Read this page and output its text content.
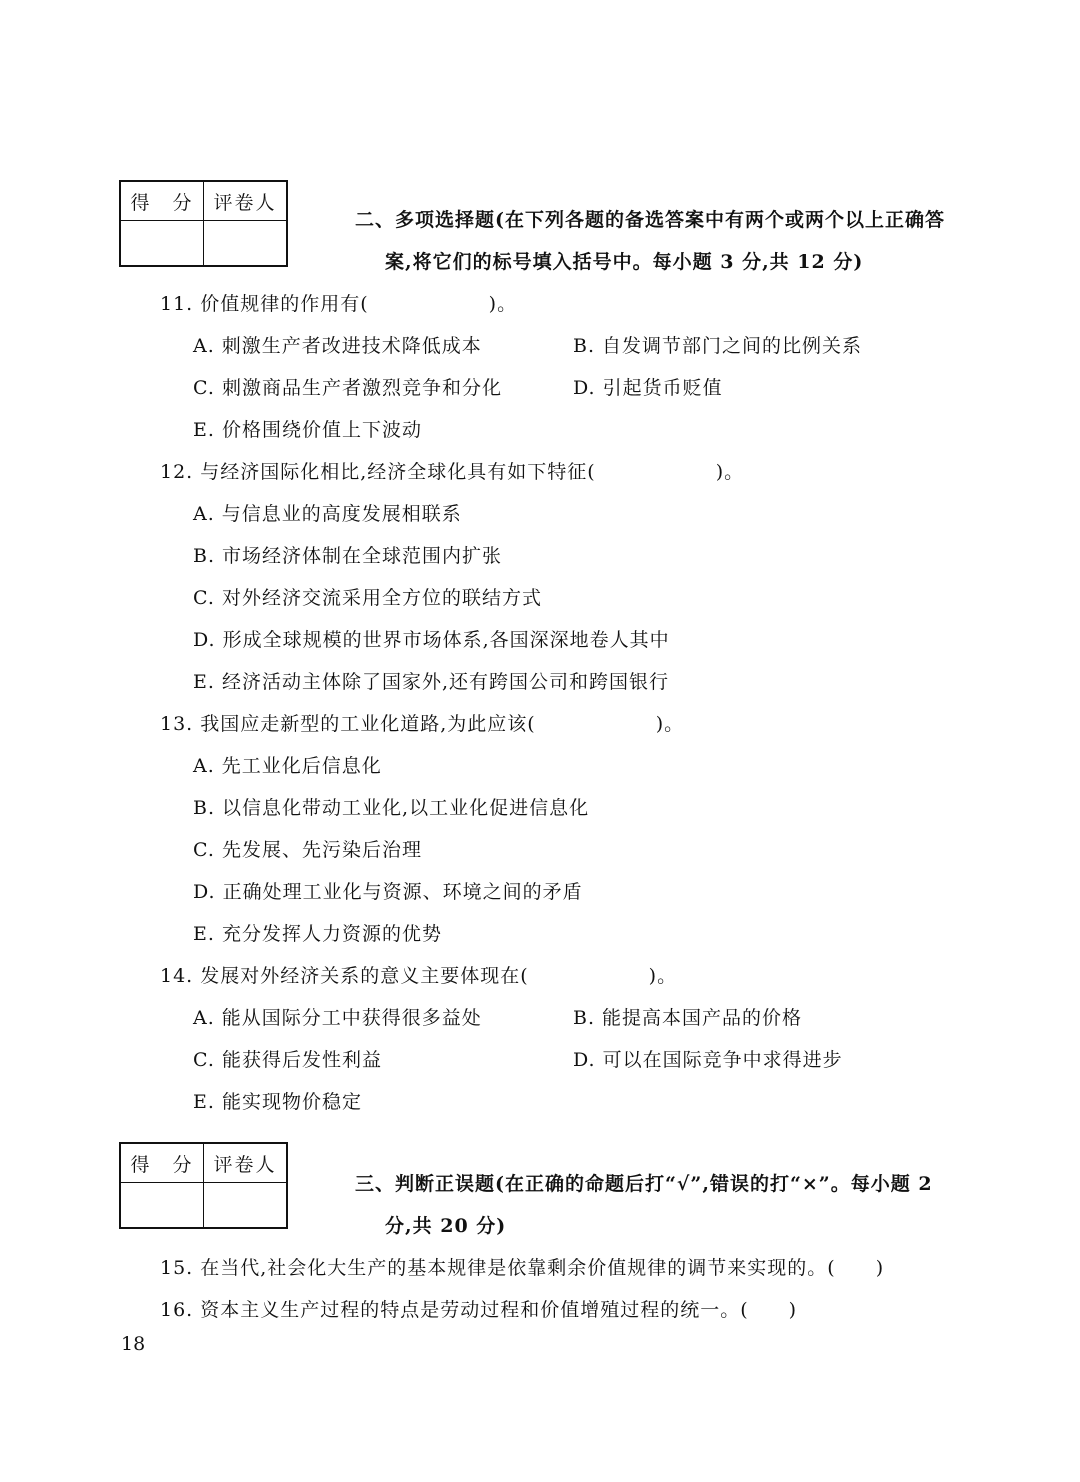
得　分	评卷人

二、多项选择题(在下列各题的备选答案中有两个或两个以上正确答
案,将它们的标号填入括号中。每小题 3 分,共 12 分)
11. 价值规律的作用有(　　　　　　)。
A. 刺激生产者改进技术降低成本	B. 自发调节部门之间的比例关系
C. 刺激商品生产者激烈竞争和分化	D. 引起货币贬值
E. 价格围绕价值上下波动
12. 与经济国际化相比,经济全球化具有如下特征(　　　　　　)。
A. 与信息业的高度发展相联系
B. 市场经济体制在全球范围内扩张
C. 对外经济交流采用全方位的联结方式
D. 形成全球规模的世界市场体系,各国深深地卷人其中
E. 经济活动主体除了国家外,还有跨国公司和跨国银行
13. 我国应走新型的工业化道路,为此应该(　　　　　　)。
A. 先工业化后信息化
B. 以信息化带动工业化,以工业化促进信息化
C. 先发展、先污染后治理
D. 正确处理工业化与资源、环境之间的矛盾
E. 充分发挥人力资源的优势
14. 发展对外经济关系的意义主要体现在(　　　　　　)。
A. 能从国际分工中获得很多益处	B. 能提高本国产品的价格
C. 能获得后发性利益	D. 可以在国际竞争中求得进步
E. 能实现物价稳定
得　分	评卷人

三、判断正误题(在正确的命题后打“√”,错误的打“×”。每小题 2
分,共 20 分)
15. 在当代,社会化大生产的基本规律是依靠剩余价值规律的调节来实现的。(　　)
16. 资本主义生产过程的特点是劳动过程和价值增殖过程的统一。(　　)
18
